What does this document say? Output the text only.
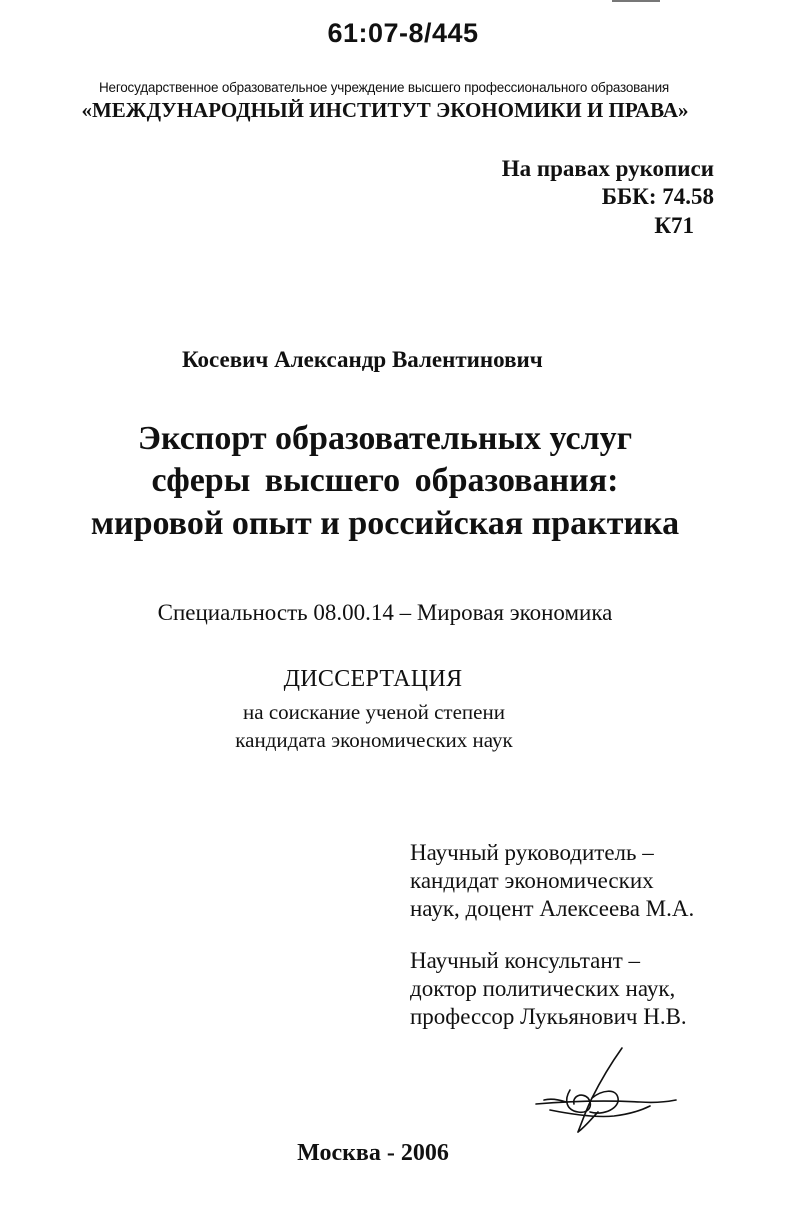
61:07-8/445
Негосударственное образовательное учреждение высшего профессионального образования
«МЕЖДУНАРОДНЫЙ ИНСТИТУТ ЭКОНОМИКИ И ПРАВА»
На правах рукописи
ББК: 74.58
К71
Косевич Александр Валентинович
Экспорт образовательных услуг
сферы высшего образования:
мировой опыт и российская практика
Специальность 08.00.14 – Мировая экономика
ДИССЕРТАЦИЯ
на соискание ученой степени
кандидата экономических наук
Научный руководитель –
кандидат экономических
наук, доцент Алексеева М.А.
Научный консультант –
доктор политических наук,
профессор Лукьянович Н.В.
Москва - 2006
